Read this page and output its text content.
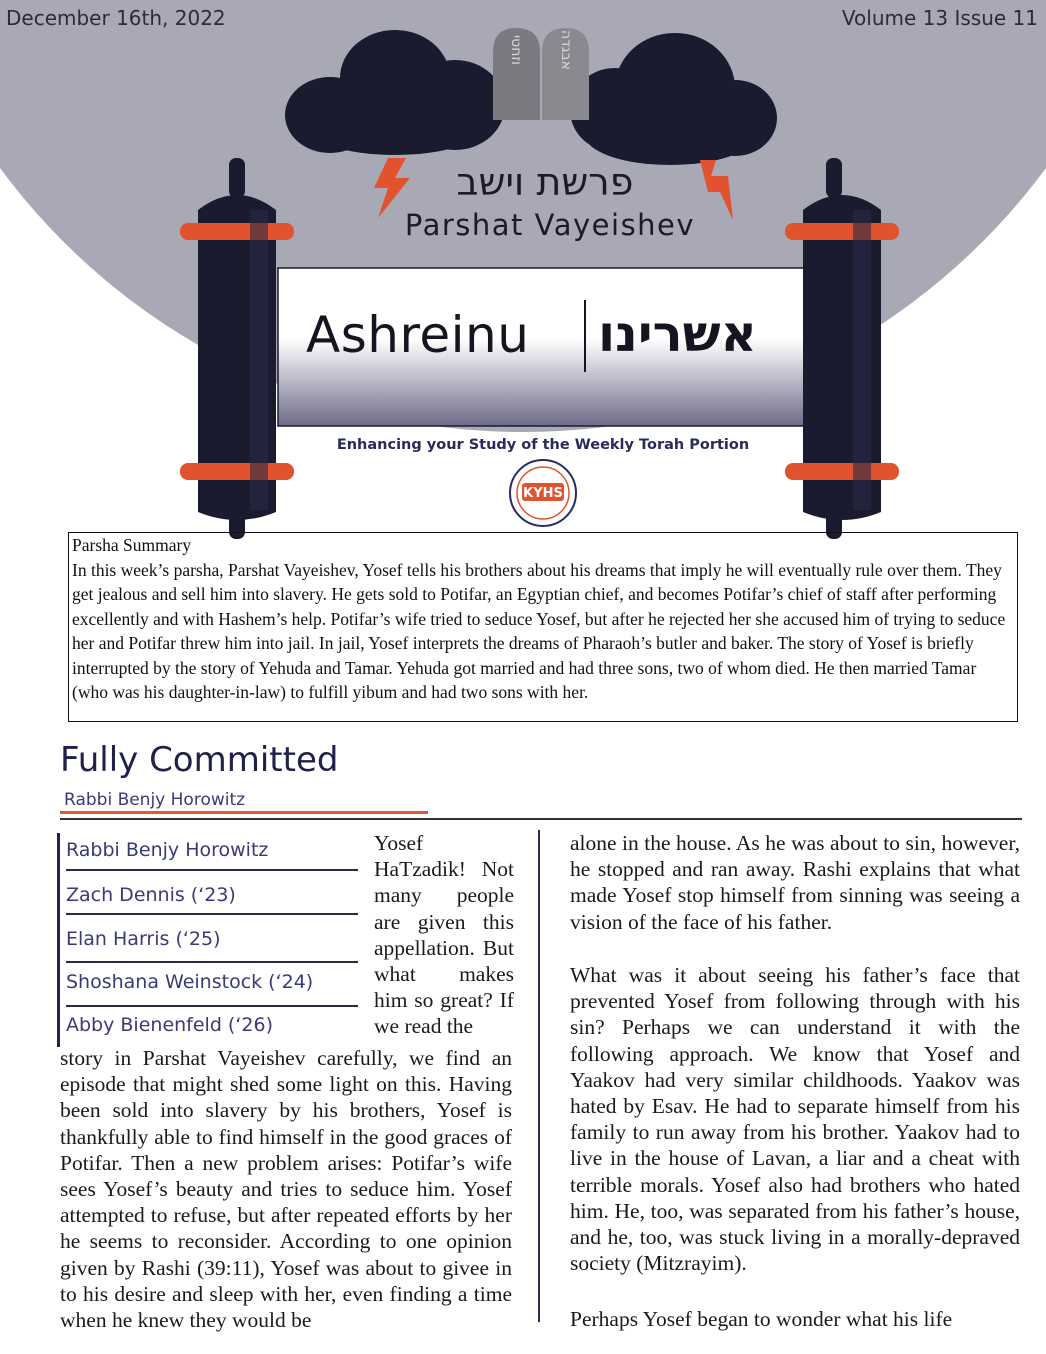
וזחטי אבגדה
KYHS
December 16th, 2022	Volume 13 Issue 11
פרשת וישב
Parshat Vayeishev
Ashreinu אשרינו
Enhancing your Study of the Weekly Torah Portion

Parsha Summary

In this week’s parsha, Parshat Vayeishev, Yosef tells his brothers about his dreams that imply he will eventually rule over them. They get jealous and sell him into slavery. He gets sold to Potifar, an Egyptian chief, and becomes Potifar’s chief of staff after performing excellently and with Hashem’s help. Potifar’s wife tried to seduce Yosef, but after he rejected her she accused him of trying to seduce her and Potifar threw him into jail. In jail, Yosef interprets the dreams of Pharaoh’s butler and baker. The story of Yosef is briefly interrupted by the story of Yehuda and Tamar. Yehuda got married and had three sons, two of whom died. He then married Tamar (who was his daughter-in-law) to fulfill yibum and had two sons with her.

Fully Committed
Rabbi Benjy Horowitz
Rabbi Benjy Horowitz
Zach Dennis (‘23)
Elan Harris (‘25)
Shoshana Weinstock (‘24)
Abby Bienenfeld (‘26)

Yosef HaTzadik! Not many people are given this appellation. But what makes him so great? If we read the

story in Parshat Vayeishev carefully, we find an episode that might shed some light on this. Having been sold into slavery by his brothers, Yosef is thankfully able to find himself in the good graces of Potifar. Then a new problem arises: Potifar’s wife sees Yosef’s beauty and tries to seduce him. Yosef attempted to refuse, but after repeated efforts by her he seems to reconsider. According to one opinion given by Rashi (39:11), Yosef was about to givee in to his desire and sleep with her, even finding a time when he knew they would be

alone in the house. As he was about to sin, however, he stopped and ran away. Rashi explains that what made Yosef stop himself from sinning was seeing a vision of the face of his father.

What was it about seeing his father’s face that prevented Yosef from following through with his sin? Perhaps we can understand it with the following approach. We know that Yosef and Yaakov had very similar childhoods. Yaakov was hated by Esav. He had to separate himself from his family to run away from his brother. Yaakov had to live in the house of Lavan, a liar and a cheat with terrible morals. Yosef also had brothers who hated him. He, too, was separated from his father’s house, and he, too, was stuck living in a morally-depraved society (Mitzrayim).

Perhaps Yosef began to wonder what his life
